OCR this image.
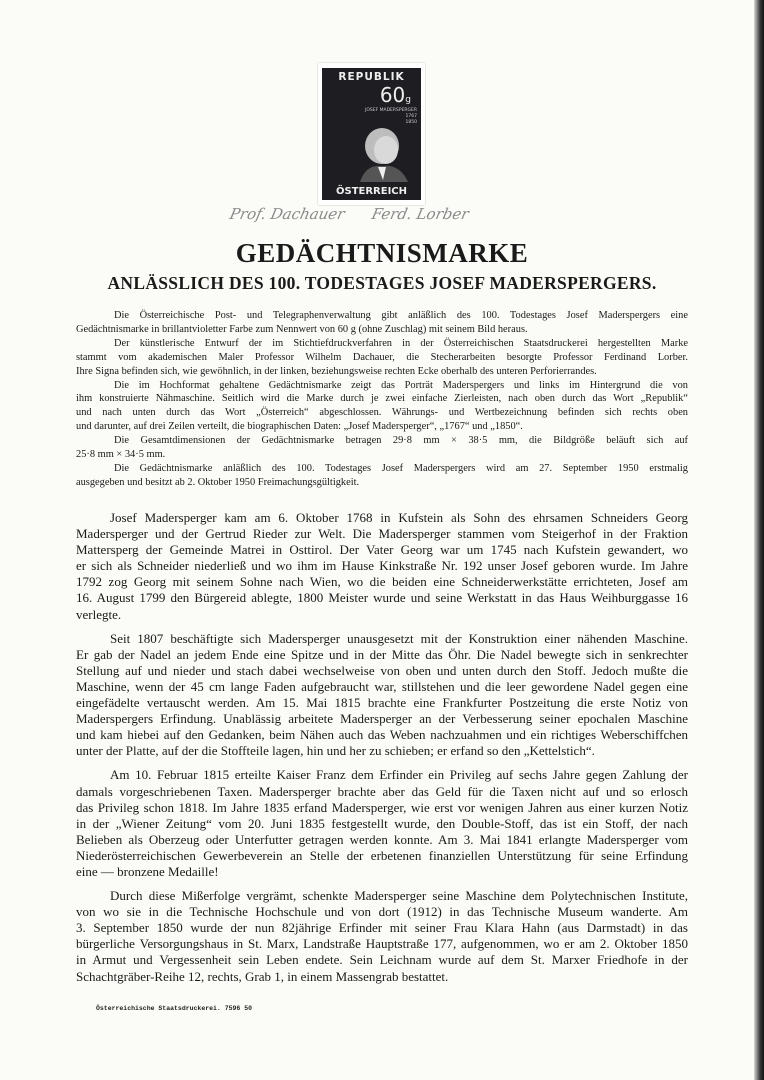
REPUBLIK
60g
JOSEF MADERSPERGER
1767
1850
ÖSTERREICH
Prof. Dachauer Ferd. Lorber
GEDÄCHTNISMARKE
ANLÄSSLICH DES 100. TODESTAGES JOSEF MADERSPERGERS.
Die Österreichische Post- und Telegraphenverwaltung gibt anläßlich des 100. Todestages Josef Maderspergers eine
Gedächtnismarke in brillantvioletter Farbe zum Nennwert von 60 g (ohne Zuschlag) mit seinem Bild heraus.
Der künstlerische Entwurf der im Stichtiefdruckverfahren in der Österreichischen Staatsdruckerei hergestellten Marke
stammt vom akademischen Maler Professor Wilhelm Dachauer, die Stecherarbeiten besorgte Professor Ferdinand Lorber.
Ihre Signa befinden sich, wie gewöhnlich, in der linken, beziehungsweise rechten Ecke oberhalb des unteren Perforierrandes.
Die im Hochformat gehaltene Gedächtnismarke zeigt das Porträt Maderspergers und links im Hintergrund die von
ihm konstruierte Nähmaschine. Seitlich wird die Marke durch je zwei einfache Zierleisten, nach oben durch das Wort „Republik“
und nach unten durch das Wort „Österreich“ abgeschlossen. Währungs- und Wertbezeichnung befinden sich rechts oben
und darunter, auf drei Zeilen verteilt, die biographischen Daten: „Josef Madersperger“, „1767“ und „1850“.
Die Gesamtdimensionen der Gedächtnismarke betragen 29·8 mm × 38·5 mm, die Bildgröße beläuft sich auf
25·8 mm × 34·5 mm.
Die Gedächtnismarke anläßlich des 100. Todestages Josef Maderspergers wird am 27. September 1950 erstmalig
ausgegeben und besitzt ab 2. Oktober 1950 Freimachungsgültigkeit.
Josef Madersperger kam am 6. Oktober 1768 in Kufstein als Sohn des ehrsamen Schneiders Georg
Madersperger und der Gertrud Rieder zur Welt. Die Madersperger stammen vom Steigerhof in der Fraktion
Mattersperg der Gemeinde Matrei in Osttirol. Der Vater Georg war um 1745 nach Kufstein gewandert, wo
er sich als Schneider niederließ und wo ihm im Hause Kinkstraße Nr. 192 unser Josef geboren wurde. Im Jahre
1792 zog Georg mit seinem Sohne nach Wien, wo die beiden eine Schneiderwerkstätte errichteten, Josef am
16. August 1799 den Bürgereid ablegte, 1800 Meister wurde und seine Werkstatt in das Haus Weihburggasse 16
verlegte.
Seit 1807 beschäftigte sich Madersperger unausgesetzt mit der Konstruktion einer nähenden Maschine.
Er gab der Nadel an jedem Ende eine Spitze und in der Mitte das Öhr. Die Nadel bewegte sich in senkrechter
Stellung auf und nieder und stach dabei wechselweise von oben und unten durch den Stoff. Jedoch mußte die
Maschine, wenn der 45 cm lange Faden aufgebraucht war, stillstehen und die leer gewordene Nadel gegen eine
eingefädelte vertauscht werden. Am 15. Mai 1815 brachte eine Frankfurter Postzeitung die erste Notiz von
Maderspergers Erfindung. Unablässig arbeitete Madersperger an der Verbesserung seiner epochalen Maschine
und kam hiebei auf den Gedanken, beim Nähen auch das Weben nachzuahmen und ein richtiges Weberschiffchen
unter der Platte, auf der die Stoffteile lagen, hin und her zu schieben; er erfand so den „Kettelstich“.
Am 10. Februar 1815 erteilte Kaiser Franz dem Erfinder ein Privileg auf sechs Jahre gegen Zahlung der
damals vorgeschriebenen Taxen. Madersperger brachte aber das Geld für die Taxen nicht auf und so erlosch
das Privileg schon 1818. Im Jahre 1835 erfand Madersperger, wie erst vor wenigen Jahren aus einer kurzen Notiz
in der „Wiener Zeitung“ vom 20. Juni 1835 festgestellt wurde, den Double-Stoff, das ist ein Stoff, der nach
Belieben als Oberzeug oder Unterfutter getragen werden konnte. Am 3. Mai 1841 erlangte Madersperger vom
Niederösterreichischen Gewerbeverein an Stelle der erbetenen finanziellen Unterstützung für seine Erfindung
eine — bronzene Medaille!
Durch diese Mißerfolge vergrämt, schenkte Madersperger seine Maschine dem Polytechnischen Institute,
von wo sie in die Technische Hochschule und von dort (1912) in das Technische Museum wanderte. Am
3. September 1850 wurde der nun 82jährige Erfinder mit seiner Frau Klara Hahn (aus Darmstadt) in das
bürgerliche Versorgungshaus in St. Marx, Landstraße Hauptstraße 177, aufgenommen, wo er am 2. Oktober 1850
in Armut und Vergessenheit sein Leben endete. Sein Leichnam wurde auf dem St. Marxer Friedhofe in der
Schachtgräber-Reihe 12, rechts, Grab 1, in einem Massengrab bestattet.
Österreichische Staatsdruckerei. 7596 50
